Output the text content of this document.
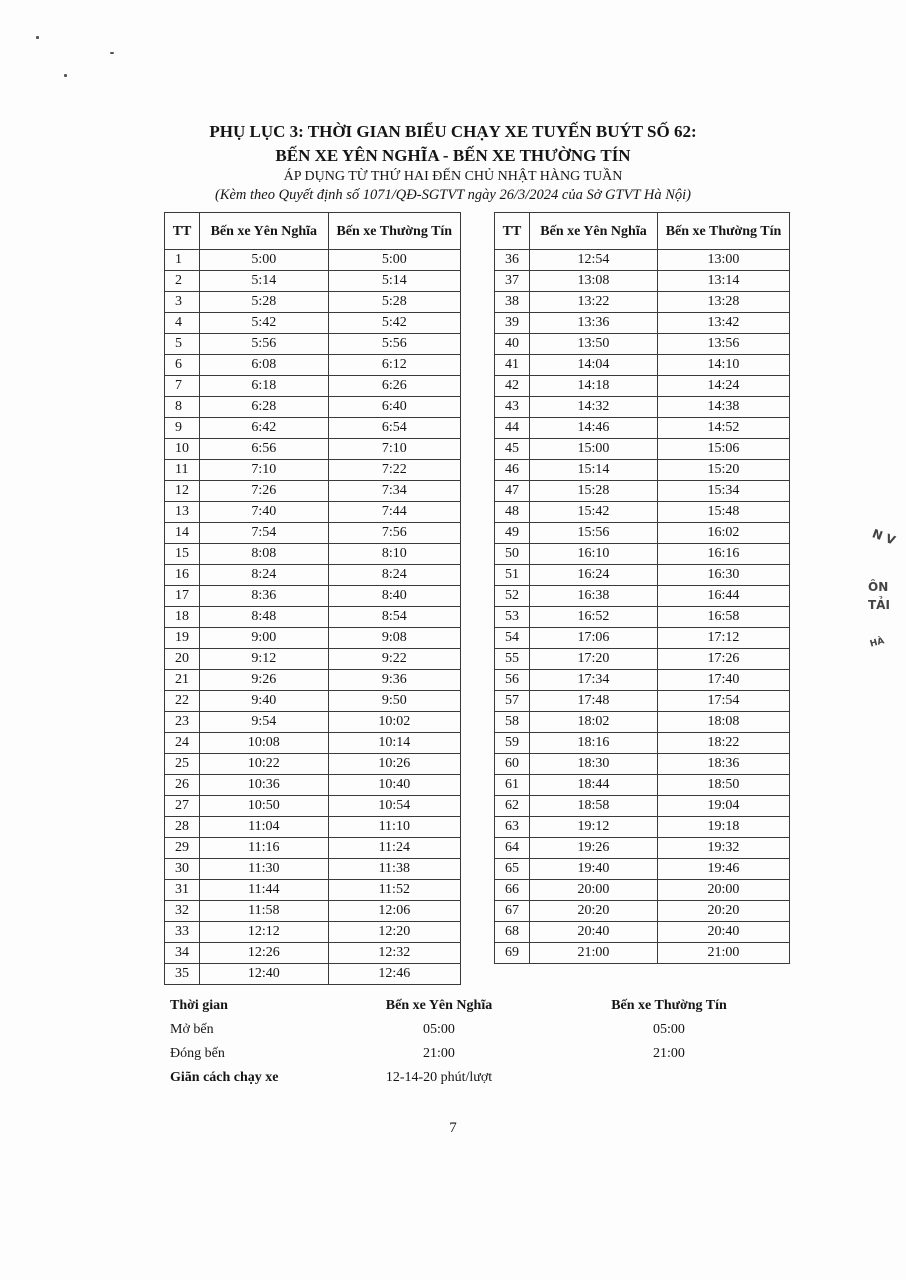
PHỤ LỤC 3: THỜI GIAN BIỂU CHẠY XE TUYẾN BUÝT SỐ 62:
BẾN XE YÊN NGHĨA - BẾN XE THƯỜNG TÍN
ÁP DỤNG TỪ THỨ HAI ĐẾN CHỦ NHẬT HÀNG TUẦN
(Kèm theo Quyết định số 1071/QĐ-SGTVT ngày 26/3/2024 của Sở GTVT Hà Nội)
TT	Bến xe Yên Nghĩa	Bến xe Thường Tín
1	5:00	5:00
2	5:14	5:14
3	5:28	5:28
4	5:42	5:42
5	5:56	5:56
6	6:08	6:12
7	6:18	6:26
8	6:28	6:40
9	6:42	6:54
10	6:56	7:10
11	7:10	7:22
12	7:26	7:34
13	7:40	7:44
14	7:54	7:56
15	8:08	8:10
16	8:24	8:24
17	8:36	8:40
18	8:48	8:54
19	9:00	9:08
20	9:12	9:22
21	9:26	9:36
22	9:40	9:50
23	9:54	10:02
24	10:08	10:14
25	10:22	10:26
26	10:36	10:40
27	10:50	10:54
28	11:04	11:10
29	11:16	11:24
30	11:30	11:38
31	11:44	11:52
32	11:58	12:06
33	12:12	12:20
34	12:26	12:32
35	12:40	12:46
TT	Bến xe Yên Nghĩa	Bến xe Thường Tín
36	12:54	13:00
37	13:08	13:14
38	13:22	13:28
39	13:36	13:42
40	13:50	13:56
41	14:04	14:10
42	14:18	14:24
43	14:32	14:38
44	14:46	14:52
45	15:00	15:06
46	15:14	15:20
47	15:28	15:34
48	15:42	15:48
49	15:56	16:02
50	16:10	16:16
51	16:24	16:30
52	16:38	16:44
53	16:52	16:58
54	17:06	17:12
55	17:20	17:26
56	17:34	17:40
57	17:48	17:54
58	18:02	18:08
59	18:16	18:22
60	18:30	18:36
61	18:44	18:50
62	18:58	19:04
63	19:12	19:18
64	19:26	19:32
65	19:40	19:46
66	20:00	20:00
67	20:20	20:20
68	20:40	20:40
69	21:00	21:00
Thời gian	Bến xe Yên Nghĩa	Bến xe Thường Tín
Mở bến	05:00	05:00
Đóng bến	21:00	21:00
Giãn cách chạy xe	12-14-20 phút/lượt
7
N V
ÔN
TẢI
HÀ
